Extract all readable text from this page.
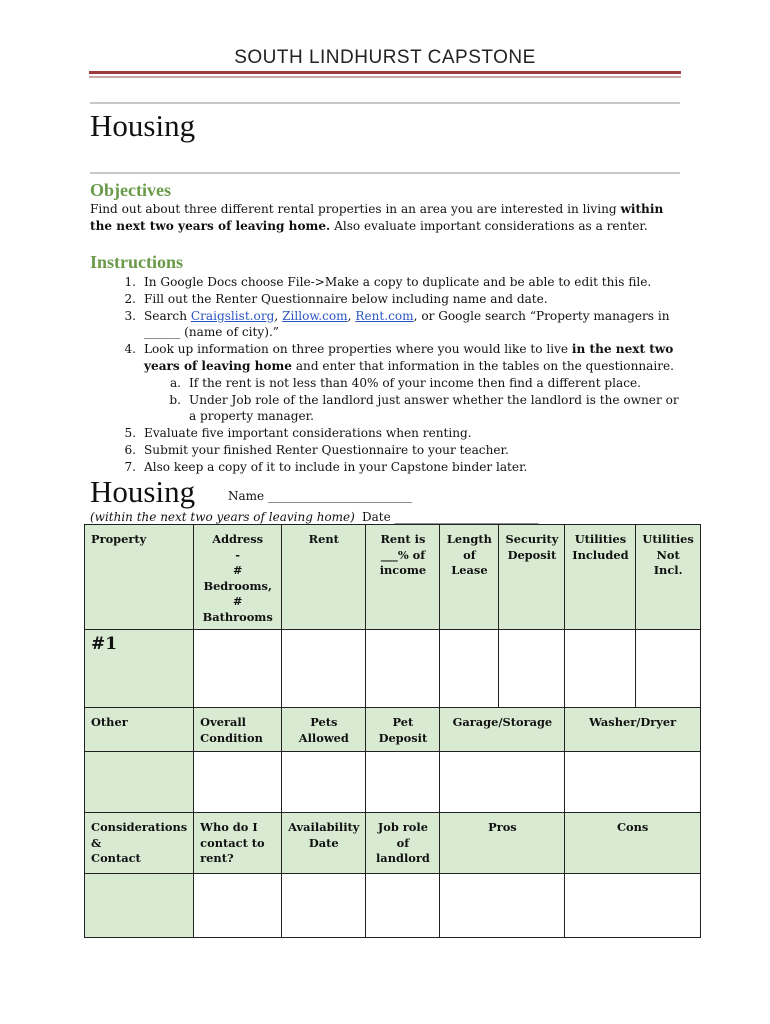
SOUTH LINDHURST CAPSTONE
Housing
Objectives
Find out about three different rental properties in an area you are interested in living within the next two years of leaving home. Also evaluate important considerations as a renter.
Instructions
1. In Google Docs choose File->Make a copy to duplicate and be able to edit this file.
2. Fill out the Renter Questionnaire below including name and date.
3. Search Craigslist.org, Zillow.com, Rent.com, or Google search “Property managers in ______ (name of city).”
4. Look up information on three properties where you would like to live in the next two years of leaving home and enter that information in the tables on the questionnaire.
a. If the rent is not less than 40% of your income then find a different place.
b. Under Job role of the landlord just answer whether the landlord is the owner or a property manager.
5. Evaluate five important considerations when renting.
6. Submit your finished Renter Questionnaire to your teacher.
7. Also keep a copy of it to include in your Capstone binder later.
Housing	Name ________________________
(within the next two years of leaving home) Date ________________________
Property	Address
-
# Bedrooms,
# Bathrooms	Rent	Rent is
___% of
income	Length
of
Lease	Security
Deposit	Utilities
Included	Utilities
Not
Incl.
#1							
Other	Overall
Condition	Pets
Allowed	Pet
Deposit	Garage/Storage		Washer/Dryer	

Considerations
&
Contact	Who do I
contact to
rent?	Availability
Date	Job role of
landlord	Pros		Cons	
